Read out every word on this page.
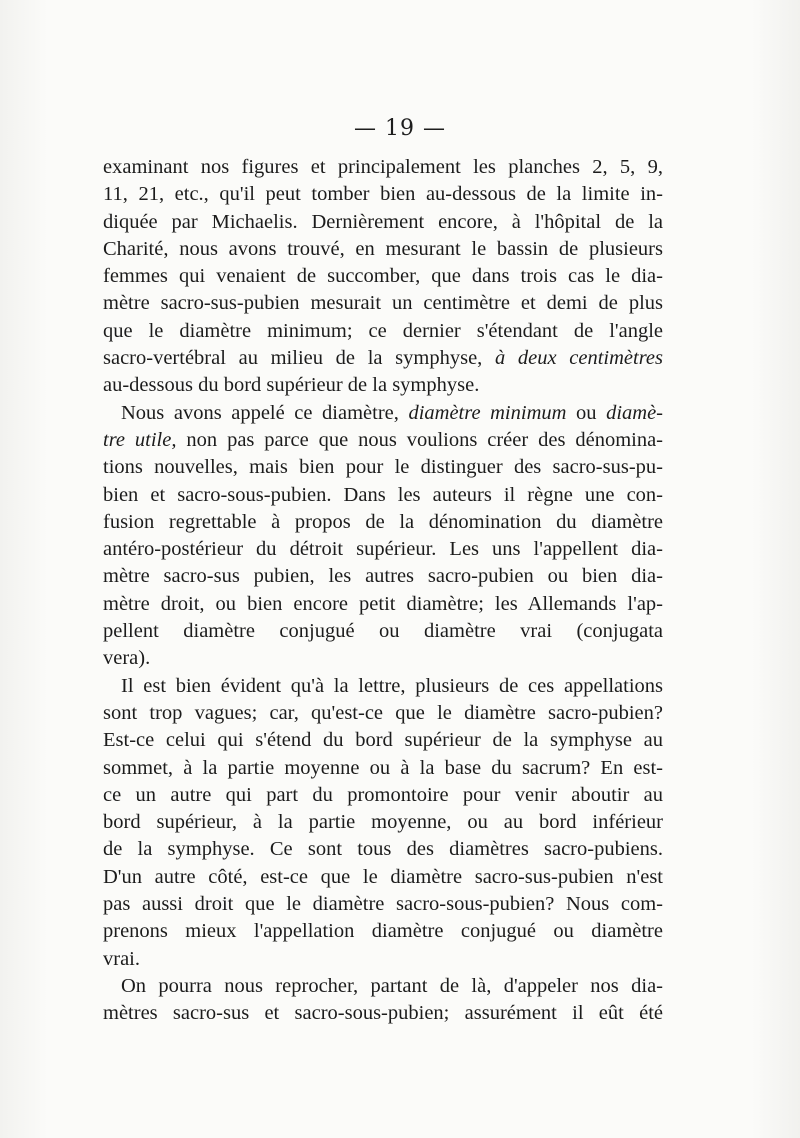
— 19 —
examinant nos figures et principalement les planches 2, 5, 9,
11, 21, etc., qu'il peut tomber bien au-dessous de la limite in-
diquée par Michaelis. Dernièrement encore, à l'hôpital de la
Charité, nous avons trouvé, en mesurant le bassin de plusieurs
femmes qui venaient de succomber, que dans trois cas le dia-
mètre sacro-sus-pubien mesurait un centimètre et demi de plus
que le diamètre minimum; ce dernier s'étendant de l'angle
sacro-vertébral au milieu de la symphyse, à deux centimètres
au-dessous du bord supérieur de la symphyse.
Nous avons appelé ce diamètre, diamètre minimum ou diamè-
tre utile, non pas parce que nous voulions créer des dénomina-
tions nouvelles, mais bien pour le distinguer des sacro-sus-pu-
bien et sacro-sous-pubien. Dans les auteurs il règne une con-
fusion regrettable à propos de la dénomination du diamètre
antéro-postérieur du détroit supérieur. Les uns l'appellent dia-
mètre sacro-sus pubien, les autres sacro-pubien ou bien dia-
mètre droit, ou bien encore petit diamètre; les Allemands l'ap-
pellent diamètre conjugué ou diamètre vrai (conjugata
vera).
Il est bien évident qu'à la lettre, plusieurs de ces appellations
sont trop vagues; car, qu'est-ce que le diamètre sacro-pubien?
Est-ce celui qui s'étend du bord supérieur de la symphyse au
sommet, à la partie moyenne ou à la base du sacrum? En est-
ce un autre qui part du promontoire pour venir aboutir au
bord supérieur, à la partie moyenne, ou au bord inférieur
de la symphyse. Ce sont tous des diamètres sacro-pubiens.
D'un autre côté, est-ce que le diamètre sacro-sus-pubien n'est
pas aussi droit que le diamètre sacro-sous-pubien? Nous com-
prenons mieux l'appellation diamètre conjugué ou diamètre
vrai.
On pourra nous reprocher, partant de là, d'appeler nos dia-
mètres sacro-sus et sacro-sous-pubien; assurément il eût été
